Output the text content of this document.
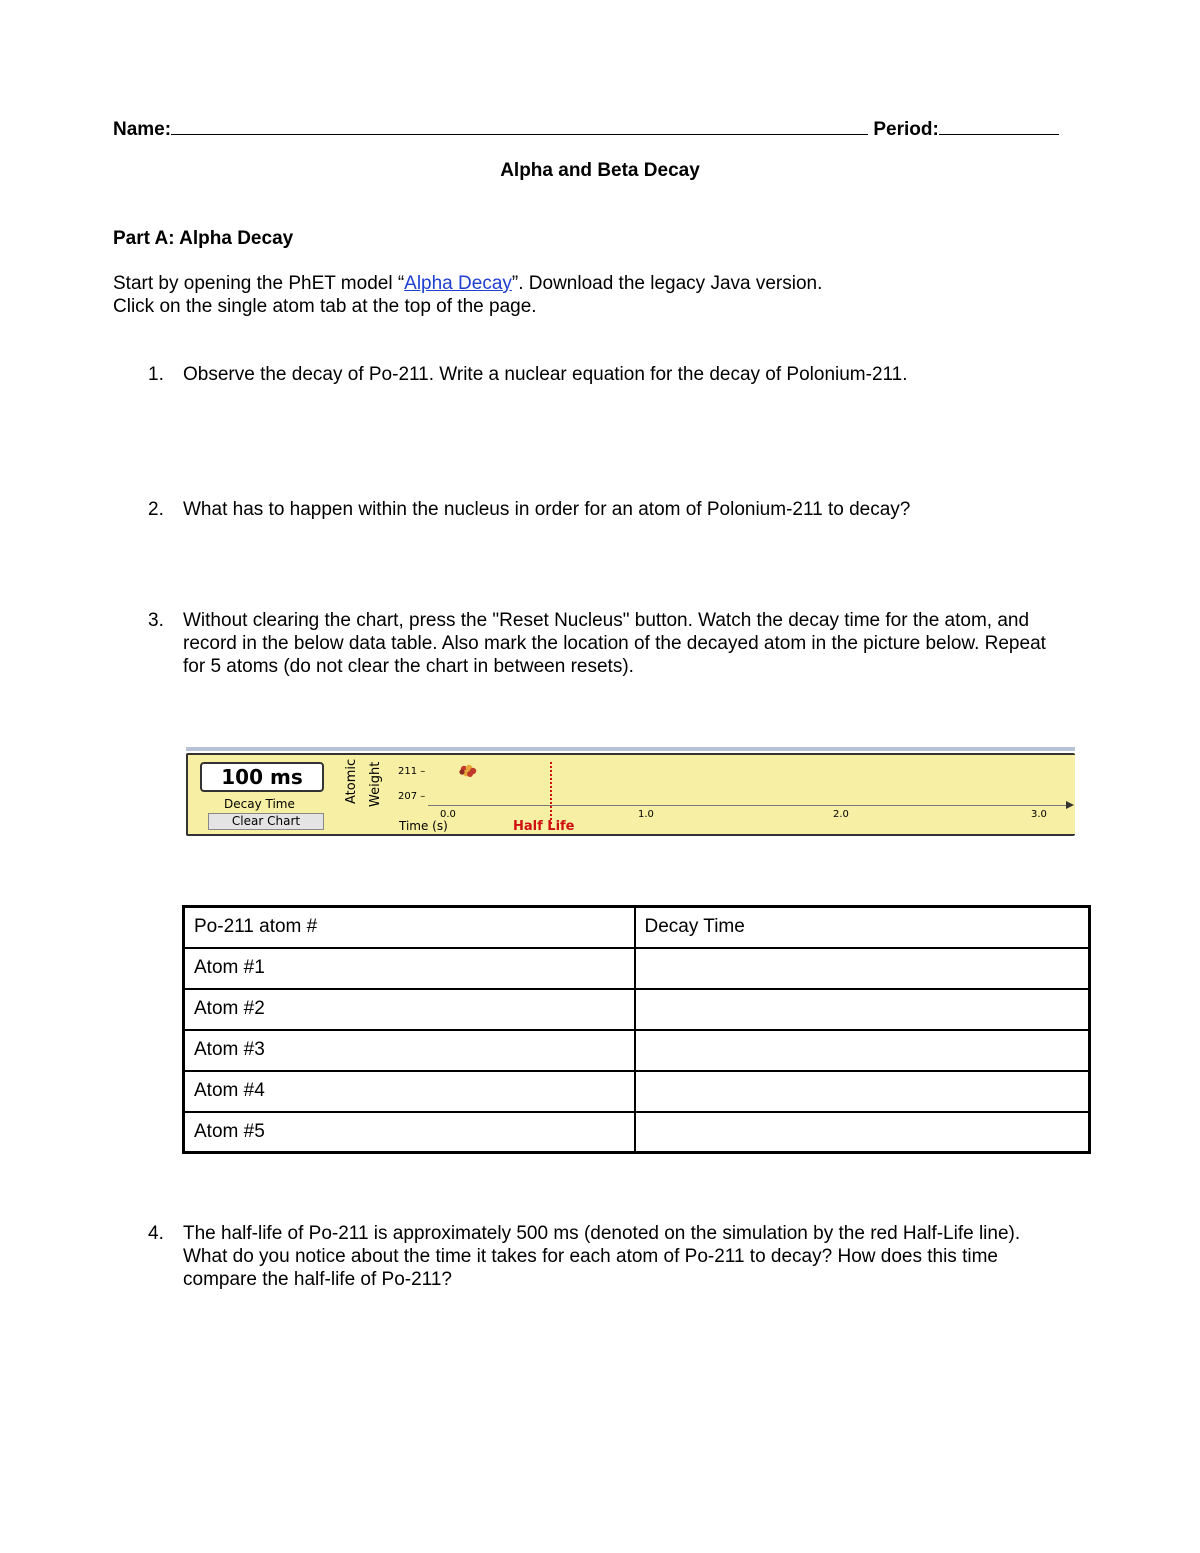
Name:	Period:
Alpha and Beta Decay
Part A: Alpha Decay
Start by opening the PhET model “Alpha Decay”. Download the legacy Java version.
Click on the single atom tab at the top of the page.
1. Observe the decay of Po-211. Write a nuclear equation for the decay of Polonium-211.
2. What has to happen within the nucleus in order for an atom of Polonium-211 to decay?
3. Without clearing the chart, press the "Reset Nucleus" button. Watch the decay time for the atom, and
record in the below data table. Also mark the location of the decayed atom in the picture below. Repeat
for 5 atoms (do not clear the chart in between resets).
100 ms
Decay Time
Clear Chart
Atomic Weight 211 –
207 –
0.0	1.0	2.0	3.0
Time (s)	Half Life
Po-211 atom #	Decay Time
Atom #1	
Atom #2	
Atom #3	
Atom #4	
Atom #5	
4. The half-life of Po-211 is approximately 500 ms (denoted on the simulation by the red Half-Life line).
What do you notice about the time it takes for each atom of Po-211 to decay? How does this time
compare the half-life of Po-211?
